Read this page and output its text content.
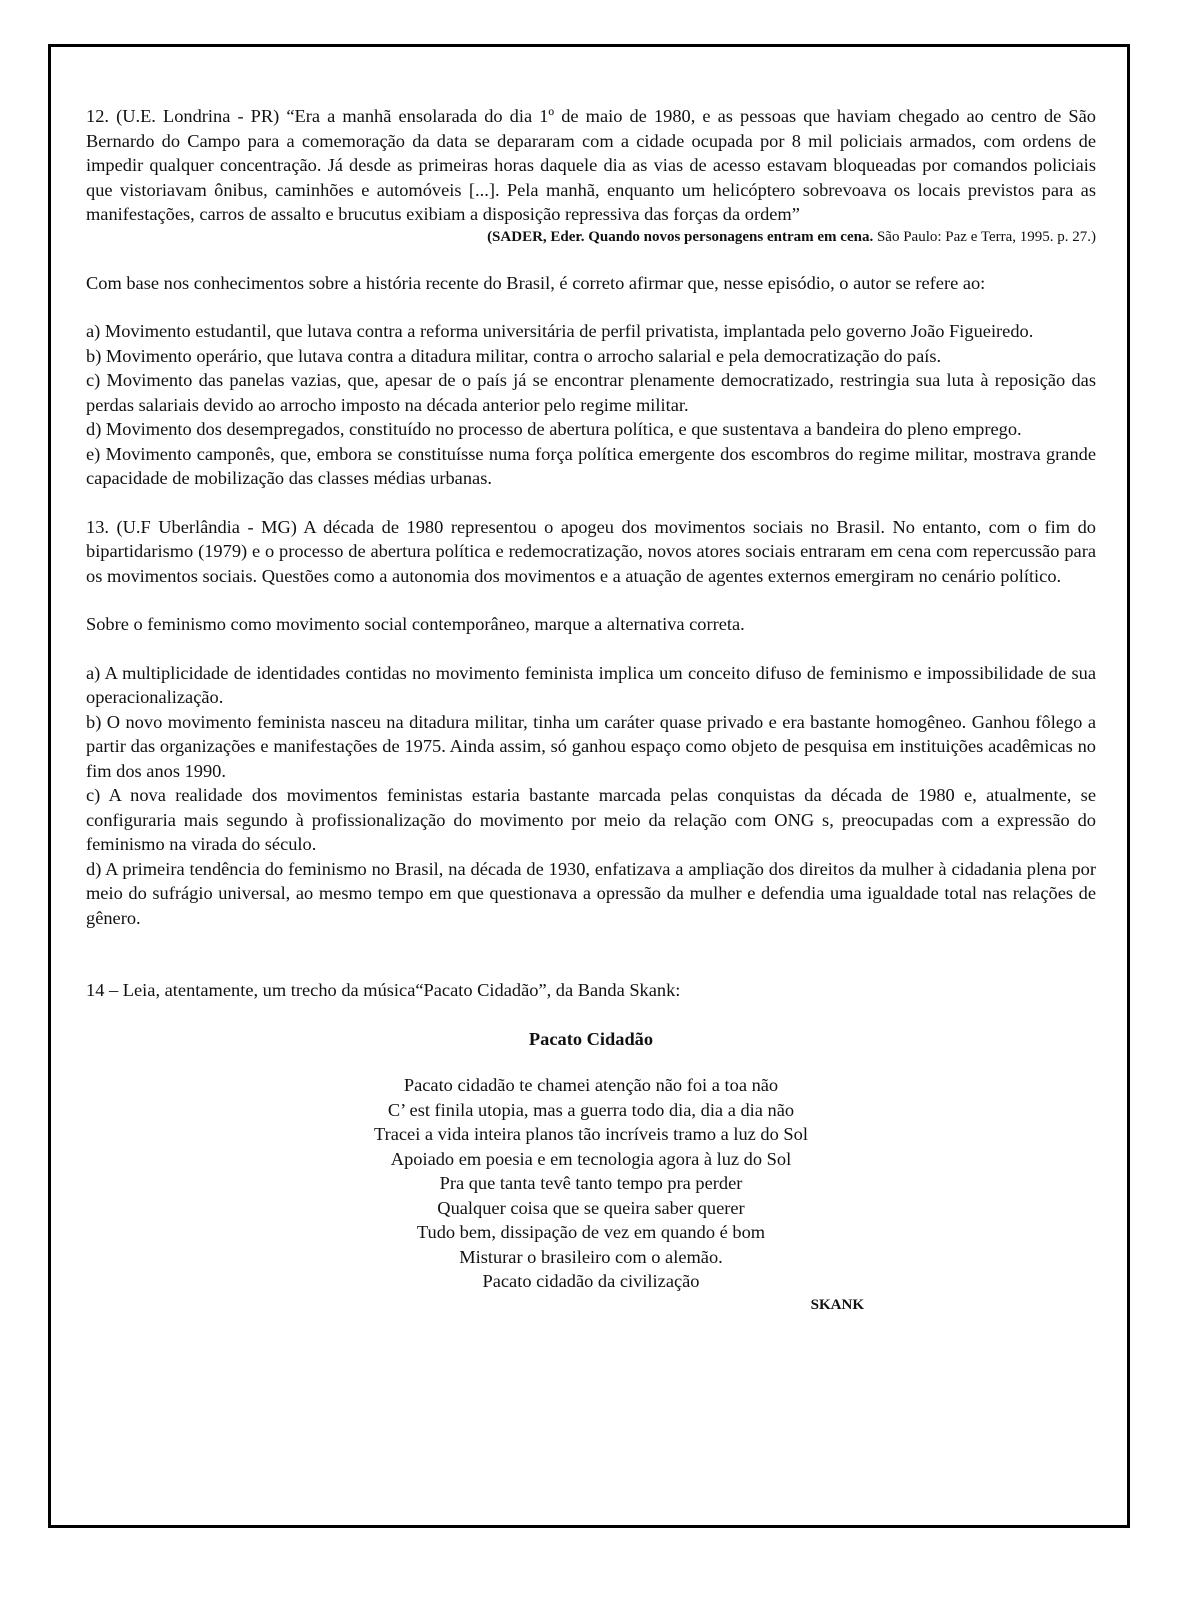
12. (U.E. Londrina - PR) “Era a manhã ensolarada do dia 1º de maio de 1980, e as pessoas que haviam chegado ao centro de São Bernardo do Campo para a comemoração da data se depararam com a cidade ocupada por 8 mil policiais armados, com ordens de impedir qualquer concentração. Já desde as primeiras horas daquele dia as vias de acesso estavam bloqueadas por comandos policiais que vistoriavam ônibus, caminhões e automóveis [...]. Pela manhã, enquanto um helicóptero sobrevoava os locais previstos para as manifestações, carros de assalto e brucutus exibiam a disposição repressiva das forças da ordem”

(SADER, Eder. Quando novos personagens entram em cena. São Paulo: Paz e Terra, 1995. p. 27.)

Com base nos conhecimentos sobre a história recente do Brasil, é correto afirmar que, nesse episódio, o autor se refere ao:

a) Movimento estudantil, que lutava contra a reforma universitária de perfil privatista, implantada pelo governo João Figueiredo.

b) Movimento operário, que lutava contra a ditadura militar, contra o arrocho salarial e pela democratização do país.

c) Movimento das panelas vazias, que, apesar de o país já se encontrar plenamente democratizado, restringia sua luta à reposição das perdas salariais devido ao arrocho imposto na década anterior pelo regime militar.

d) Movimento dos desempregados, constituído no processo de abertura política, e que sustentava a bandeira do pleno emprego.

e) Movimento camponês, que, embora se constituísse numa força política emergente dos escombros do regime militar, mostrava grande capacidade de mobilização das classes médias urbanas.

13. (U.F Uberlândia - MG) A década de 1980 representou o apogeu dos movimentos sociais no Brasil. No entanto, com o fim do bipartidarismo (1979) e o processo de abertura política e redemocratização, novos atores sociais entraram em cena com repercussão para os movimentos sociais. Questões como a autonomia dos movimentos e a atuação de agentes externos emergiram no cenário político.

Sobre o feminismo como movimento social contemporâneo, marque a alternativa correta.

a) A multiplicidade de identidades contidas no movimento feminista implica um conceito difuso de feminismo e impossibilidade de sua operacionalização.

b) O novo movimento feminista nasceu na ditadura militar, tinha um caráter quase privado e era bastante homogêneo. Ganhou fôlego a partir das organizações e manifestações de 1975. Ainda assim, só ganhou espaço como objeto de pesquisa em instituições acadêmicas no fim dos anos 1990.

c) A nova realidade dos movimentos feministas estaria bastante marcada pelas conquistas da década de 1980 e, atualmente, se configuraria mais segundo à profissionalização do movimento por meio da relação com ONG s, preocupadas com a expressão do feminismo na virada do século.

d) A primeira tendência do feminismo no Brasil, na década de 1930, enfatizava a ampliação dos direitos da mulher à cidadania plena por meio do sufrágio universal, ao mesmo tempo em que questionava a opressão da mulher e defendia uma igualdade total nas relações de gênero.

14 – Leia, atentamente, um trecho da música“Pacato Cidadão”, da Banda Skank:

Pacato Cidadão
Pacato cidadão te chamei atenção não foi a toa não
C’ est finila utopia, mas a guerra todo dia, dia a dia não
Tracei a vida inteira planos tão incríveis tramo a luz do Sol
Apoiado em poesia e em tecnologia agora à luz do Sol
Pra que tanta tevê tanto tempo pra perder
Qualquer coisa que se queira saber querer
Tudo bem, dissipação de vez em quando é bom
Misturar o brasileiro com o alemão.
Pacato cidadão da civilização
SKANK
